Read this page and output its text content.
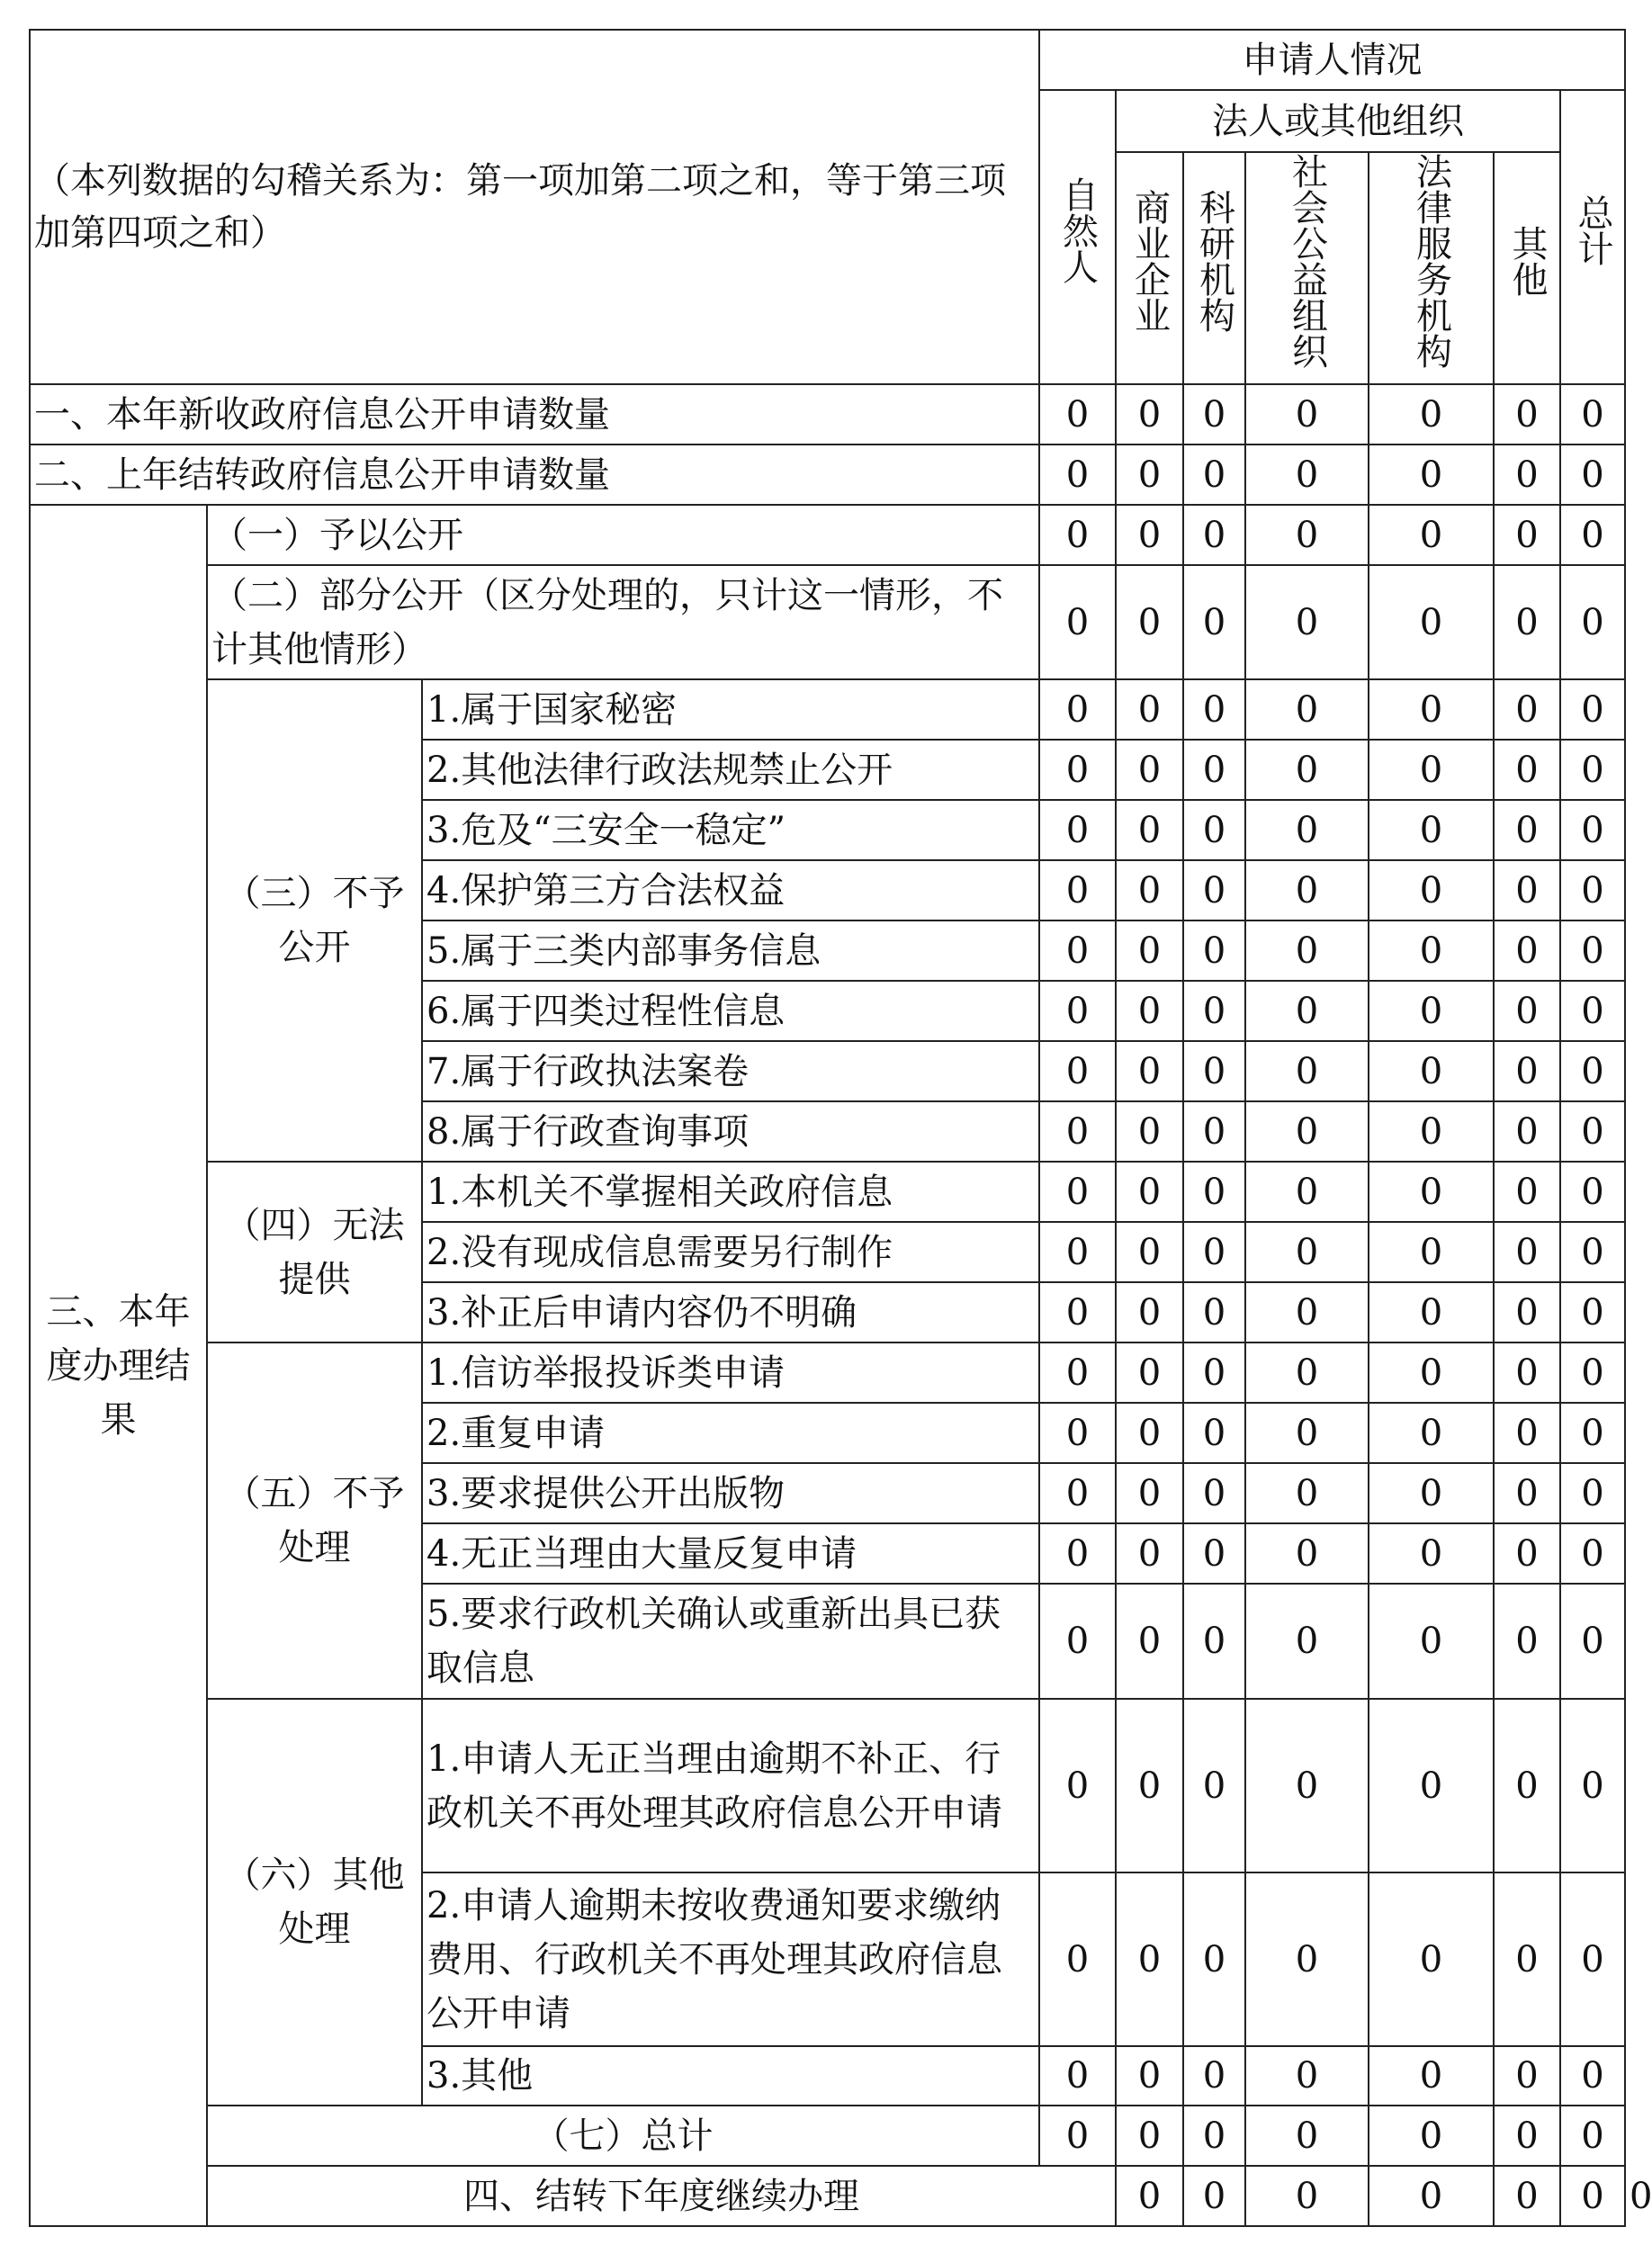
（本列数据的勾稽关系为：第一项加第二项之和，等于第三项加第四项之和）			申请人情况							
			自然人	法人或其他组织					总计	
				商业企业	科研机构	社会公益组织	法律服务机构	其他		
一、本年新收政府信息公开申请数量			0	0	0	0	0	0	0	
二、上年结转政府信息公开申请数量			0	0	0	0	0	0	0	
三、本年度办理结果	（一）予以公开		0	0	0	0	0	0	0	
	（二）部分公开（区分处理的，只计这一情形，不计其他情形）		0	0	0	0	0	0	0	
	（三）不予公开	1.属于国家秘密	0	0	0	0	0	0	0	
		2.其他法律行政法规禁止公开	0	0	0	0	0	0	0	
		3.危及“三安全一稳定”	0	0	0	0	0	0	0	
		4.保护第三方合法权益	0	0	0	0	0	0	0	
		5.属于三类内部事务信息	0	0	0	0	0	0	0	
		6.属于四类过程性信息	0	0	0	0	0	0	0	
		7.属于行政执法案卷	0	0	0	0	0	0	0	
		8.属于行政查询事项	0	0	0	0	0	0	0	
	（四）无法提供	1.本机关不掌握相关政府信息	0	0	0	0	0	0	0	
		2.没有现成信息需要另行制作	0	0	0	0	0	0	0	
		3.补正后申请内容仍不明确	0	0	0	0	0	0	0	
	（五）不予处理	1.信访举报投诉类申请	0	0	0	0	0	0	0	
		2.重复申请	0	0	0	0	0	0	0	
		3.要求提供公开出版物	0	0	0	0	0	0	0	
		4.无正当理由大量反复申请	0	0	0	0	0	0	0	
		5.要求行政机关确认或重新出具已获取信息	0	0	0	0	0	0	0	
	（六）其他处理	1.申请人无正当理由逾期不补正、行政机关不再处理其政府信息公开申请	0	0	0	0	0	0	0	
		2.申请人逾期未按收费通知要求缴纳费用、行政机关不再处理其政府信息公开申请	0	0	0	0	0	0	0	
		3.其他	0	0	0	0	0	0	0	
	（七）总计		0	0	0	0	0	0	0	
	四、结转下年度继续办理			0	0	0	0	0	0	0
